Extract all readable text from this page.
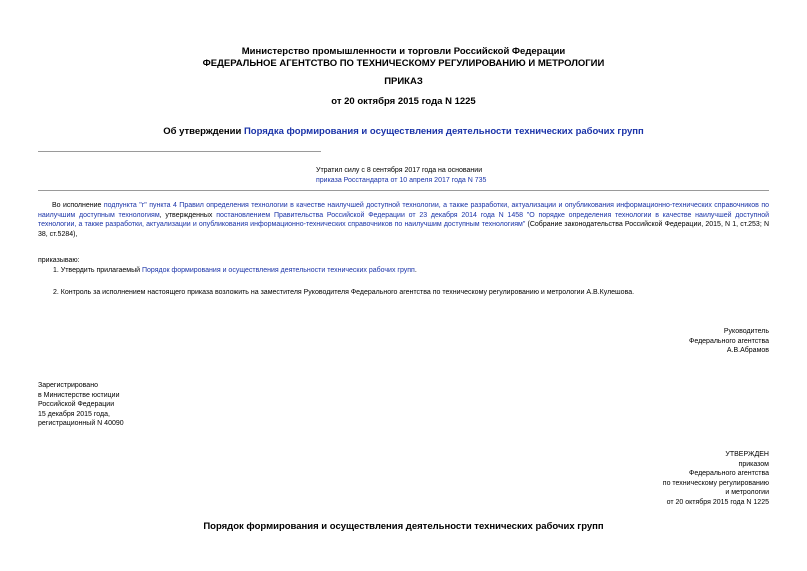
Министерство промышленности и торговли Российской Федерации
ФЕДЕРАЛЬНОЕ АГЕНТСТВО ПО ТЕХНИЧЕСКОМУ РЕГУЛИРОВАНИЮ И МЕТРОЛОГИИ
ПРИКАЗ
от 20 октября 2015 года N 1225
Об утверждении Порядка формирования и осуществления деятельности технических рабочих групп
Утратил силу с 8 сентября 2017 года на основании
приказа Росстандарта от 10 апреля 2017 года N 735
Во исполнение подпункта "г" пункта 4 Правил определения технологии в качестве наилучшей доступной технологии, а также разработки, актуализации и опубликования информационно-технических справочников по наилучшим доступным технологиям, утвержденных постановлением Правительства Российской Федерации от 23 декабря 2014 года N 1458 "О порядке определения технологии в качестве наилучшей доступной технологии, а также разработки, актуализации и опубликования информационно-технических справочников по наилучшим доступным технологиям" (Собрание законодательства Российской Федерации, 2015, N 1, ст.253; N 38, ст.5284),
приказываю:
1. Утвердить прилагаемый Порядок формирования и осуществления деятельности технических рабочих групп.
2. Контроль за исполнением настоящего приказа возложить на заместителя Руководителя Федерального агентства по техническому регулированию и метрологии А.В.Кулешова.
Руководитель
Федерального агентства
А.В.Абрамов
Зарегистрировано
в Министерстве юстиции
Российской Федерации
15 декабря 2015 года,
регистрационный N 40090
УТВЕРЖДЕН
приказом
Федерального агентства
по техническому регулированию
и метрологии
от 20 октября 2015 года N 1225
Порядок формирования и осуществления деятельности технических рабочих групп
